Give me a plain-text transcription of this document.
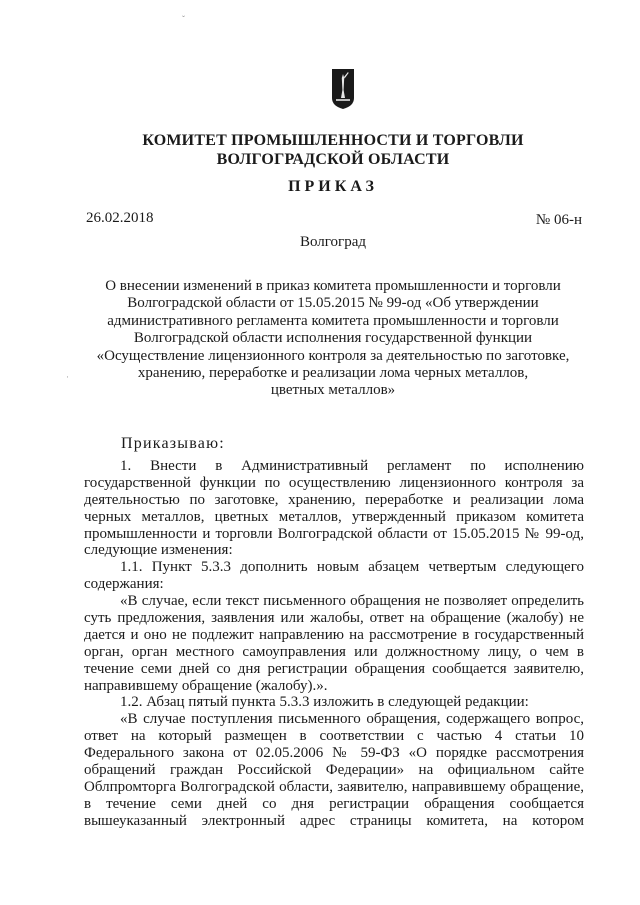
КОМИТЕТ ПРОМЫШЛЕННОСТИ И ТОРГОВЛИ
ВОЛГОГРАДСКОЙ ОБЛАСТИ
ПРИКАЗ
26.02.2018	№ 06-н
Волгоград
О внесении изменений в приказ комитета промышленности и торговли
Волгоградской области от 15.05.2015 № 99-од «Об утверждении
административного регламента комитета промышленности и торговли
Волгоградской области исполнения государственной функции
«Осуществление лицензионного контроля за деятельностью по заготовке,
хранению, переработке и реализации лома черных металлов,
цветных металлов»
Приказываю:
1. Внести в Административный регламент по исполнению
государственной функции по осуществлению лицензионного контроля за
деятельностью по заготовке, хранению, переработке и реализации лома
черных металлов, цветных металлов, утвержденный приказом комитета
промышленности и торговли Волгоградской области от 15.05.2015 № 99-од,
следующие изменения:
1.1. Пункт 5.3.3 дополнить новым абзацем четвертым следующего
содержания:
«В случае, если текст письменного обращения не позволяет определить
суть предложения, заявления или жалобы, ответ на обращение (жалобу) не
дается и оно не подлежит направлению на рассмотрение в государственный
орган, орган местного самоуправления или должностному лицу, о чем в
течение семи дней со дня регистрации обращения сообщается заявителю,
направившему обращение (жалобу).».
1.2. Абзац пятый пункта 5.3.3 изложить в следующей редакции:
«В случае поступления письменного обращения, содержащего вопрос,
ответ на который размещен в соответствии с частью 4 статьи 10
Федерального закона от 02.05.2006 № 59-ФЗ «О порядке рассмотрения
обращений граждан Российской Федерации» на официальном сайте
Облпромторга Волгоградской области, заявителю, направившему обращение,
в течение семи дней со дня регистрации обращения сообщается
вышеуказанный электронный адрес страницы комитета, на котором
ˇ
·
